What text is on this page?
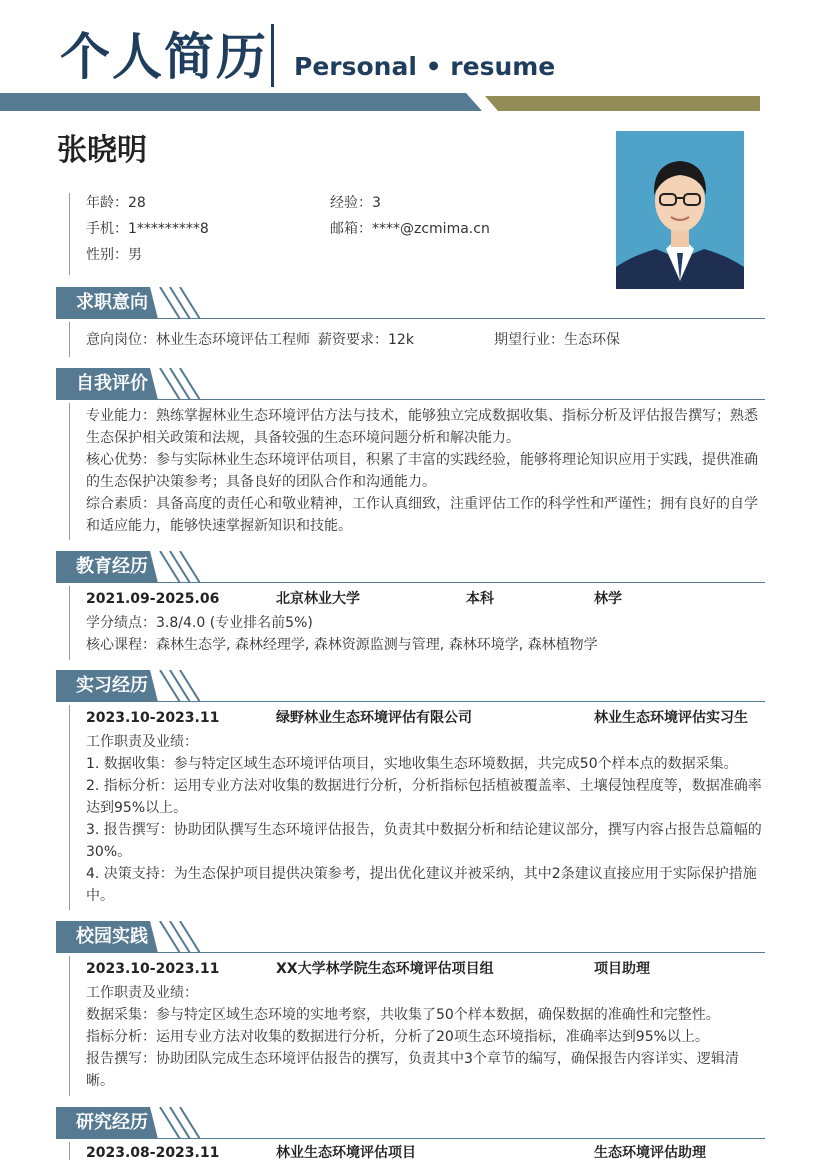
个人简历 Personal • resume
张晓明
年龄：28	经验：3
手机：1*********8	邮箱：****@zcmima.cn
性别：男
求职意向
意向岗位：林业生态环境评估工程师 薪资要求：12k	期望行业：生态环保
自我评价

专业能力：熟练掌握林业生态环境评估方法与技术，能够独立完成数据收集、指标分析及评估报告撰写；熟悉生态保护相关政策和法规，具备较强的生态环境问题分析和解决能力。

核心优势：参与实际林业生态环境评估项目，积累了丰富的实践经验，能够将理论知识应用于实践，提供准确的生态保护决策参考；具备良好的团队合作和沟通能力。

综合素质：具备高度的责任心和敬业精神，工作认真细致，注重评估工作的科学性和严谨性；拥有良好的自学和适应能力，能够快速掌握新知识和技能。

教育经历
2021.09-2025.06	北京林业大学	本科	林学
学分绩点：3.8/4.0 (专业排名前5%)
核心课程：森林生态学, 森林经理学, 森林资源监测与管理, 森林环境学, 森林植物学
实习经历
2023.10-2023.11	绿野林业生态环境评估有限公司	林业生态环境评估实习生

工作职责及业绩：

1. 数据收集：参与特定区域生态环境评估项目，实地收集生态环境数据，共完成50个样本点的数据采集。

2. 指标分析：运用专业方法对收集的数据进行分析，分析指标包括植被覆盖率、土壤侵蚀程度等，数据准确率达到95%以上。

3. 报告撰写：协助团队撰写生态环境评估报告，负责其中数据分析和结论建议部分，撰写内容占报告总篇幅的30%。

4. 决策支持：为生态保护项目提供决策参考，提出优化建议并被采纳，其中2条建议直接应用于实际保护措施中。

校园实践
2023.10-2023.11	XX大学林学院生态环境评估项目组	项目助理

工作职责及业绩：

数据采集：参与特定区域生态环境的实地考察，共收集了50个样本数据，确保数据的准确性和完整性。

指标分析：运用专业方法对收集的数据进行分析，分析了20项生态环境指标，准确率达到95%以上。

报告撰写：协助团队完成生态环境评估报告的撰写，负责其中3个章节的编写，确保报告内容详实、逻辑清晰。

研究经历
2023.08-2023.11	林业生态环境评估项目	生态环境评估助理
